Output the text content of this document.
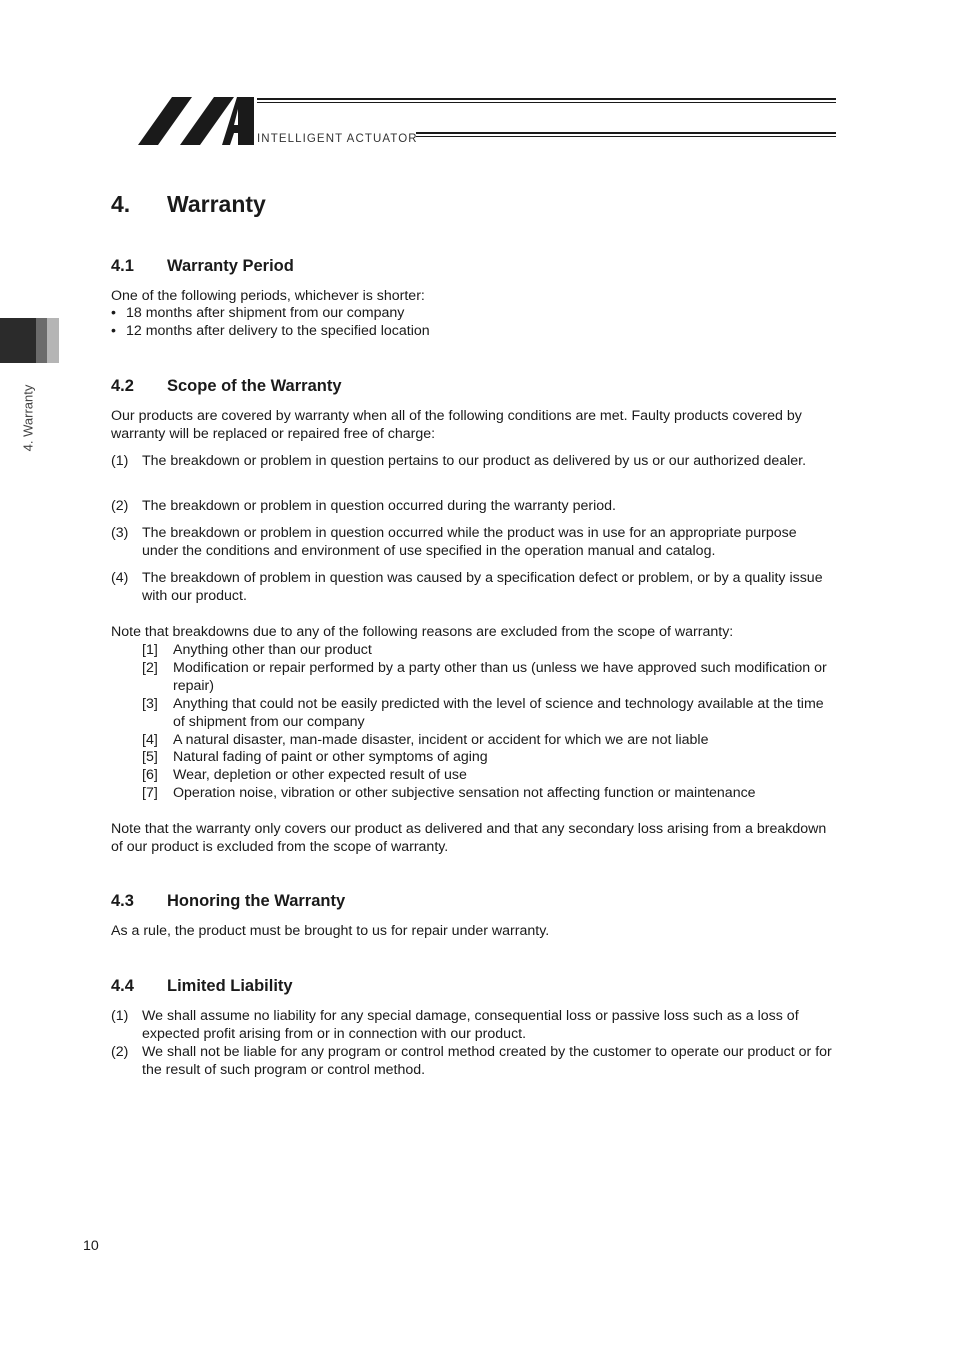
INTELLIGENT ACTUATOR
4. Warranty
4. Warranty
4.1 Warranty Period
One of the following periods, whichever is shorter:
• 18 months after shipment from our company
• 12 months after delivery to the specified location
4.2 Scope of the Warranty
Our products are covered by warranty when all of the following conditions are met. Faulty products covered by warranty will be replaced or repaired free of charge:
(1) The breakdown or problem in question pertains to our product as delivered by us or our authorized dealer.
(2) The breakdown or problem in question occurred during the warranty period.
(3) The breakdown or problem in question occurred while the product was in use for an appropriate purpose under the conditions and environment of use specified in the operation manual and catalog.
(4) The breakdown of problem in question was caused by a specification defect or problem, or by a quality issue with our product.
Note that breakdowns due to any of the following reasons are excluded from the scope of warranty:
[1] Anything other than our product
[2] Modification or repair performed by a party other than us (unless we have approved such modification or repair)
[3] Anything that could not be easily predicted with the level of science and technology available at the time of shipment from our company
[4] A natural disaster, man-made disaster, incident or accident for which we are not liable
[5] Natural fading of paint or other symptoms of aging
[6] Wear, depletion or other expected result of use
[7] Operation noise, vibration or other subjective sensation not affecting function or maintenance
Note that the warranty only covers our product as delivered and that any secondary loss arising from a breakdown of our product is excluded from the scope of warranty.
4.3 Honoring the Warranty
As a rule, the product must be brought to us for repair under warranty.
4.4 Limited Liability
(1) We shall assume no liability for any special damage, consequential loss or passive loss such as a loss of expected profit arising from or in connection with our product.
(2) We shall not be liable for any program or control method created by the customer to operate our product or for the result of such program or control method.
10
